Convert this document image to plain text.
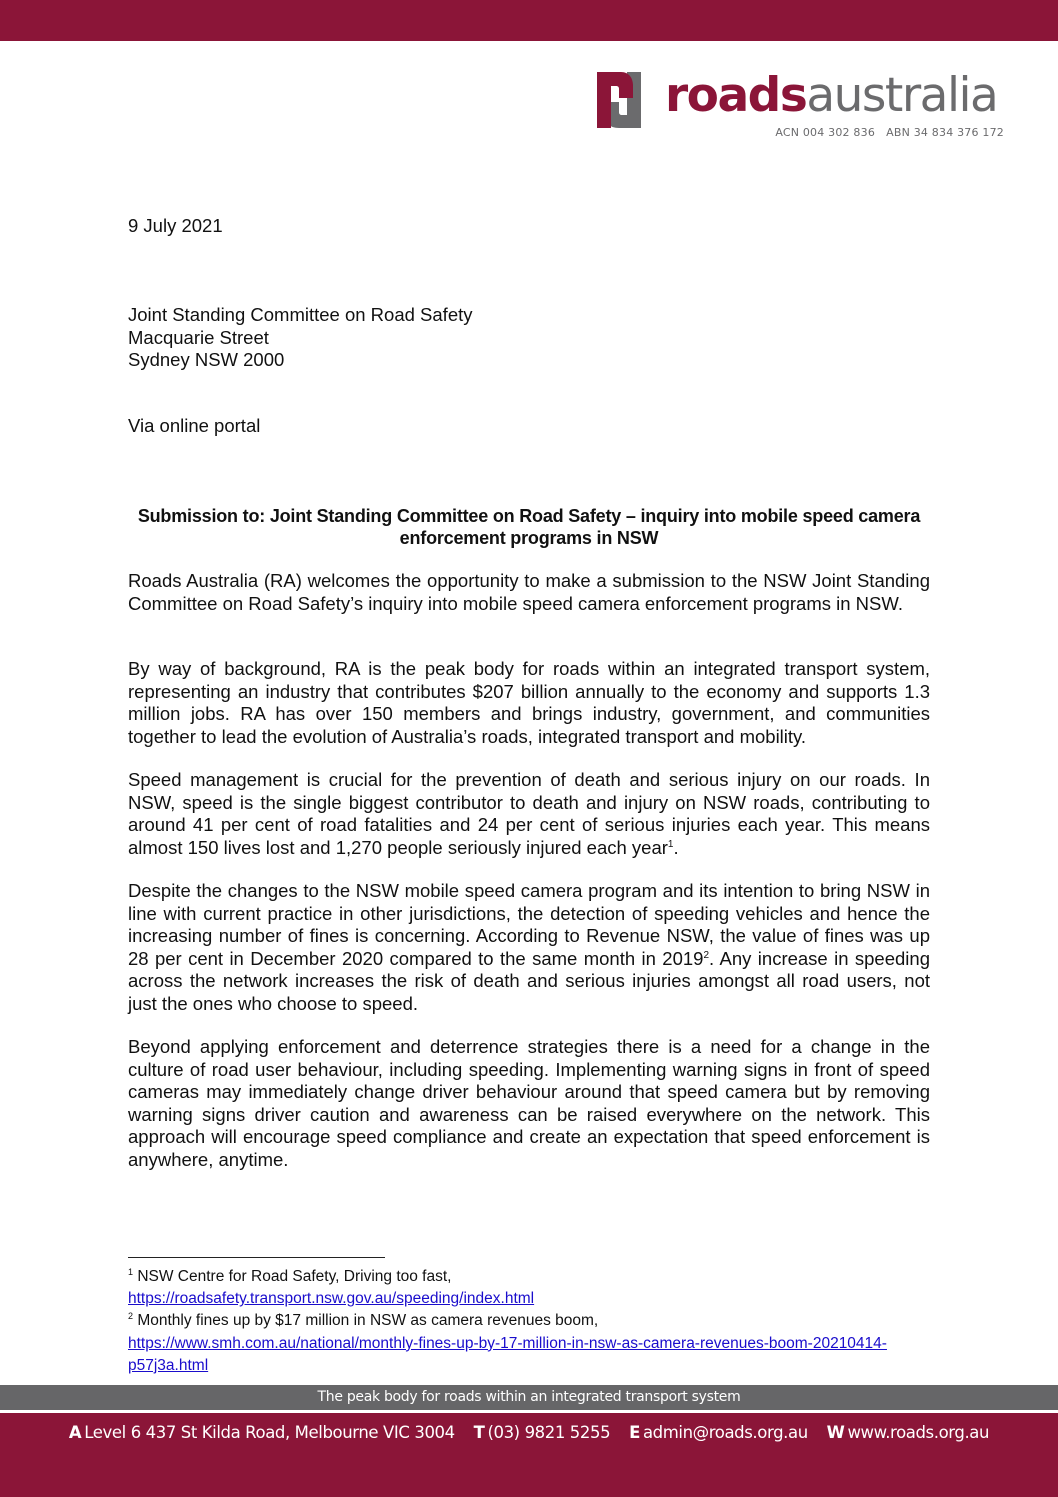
roadsaustralia
ACN 004 302 836   ABN 34 834 376 172
9 July 2021
Joint Standing Committee on Road Safety
Macquarie Street
Sydney NSW 2000
Via online portal
Submission to: Joint Standing Committee on Road Safety – inquiry into mobile speed camera enforcement programs in NSW

Roads Australia (RA) welcomes the opportunity to make a submission to the NSW Joint Standing Committee on Road Safety’s inquiry into mobile speed camera enforcement programs in NSW.

By way of background, RA is the peak body for roads within an integrated transport system, representing an industry that contributes $207 billion annually to the economy and supports 1.3 million jobs. RA has over 150 members and brings industry, government, and communities together to lead the evolution of Australia’s roads, integrated transport and mobility.

Speed management is crucial for the prevention of death and serious injury on our roads. In NSW, speed is the single biggest contributor to death and injury on NSW roads, contributing to around 41 per cent of road fatalities and 24 per cent of serious injuries each year. This means almost 150 lives lost and 1,270 people seriously injured each year$^1$.

Despite the changes to the NSW mobile speed camera program and its intention to bring NSW in line with current practice in other jurisdictions, the detection of speeding vehicles and hence the increasing number of fines is concerning. According to Revenue NSW, the value of fines was up 28 per cent in December 2020 compared to the same month in 2019$^2$. Any increase in speeding across the network increases the risk of death and serious injuries amongst all road users, not just the ones who choose to speed.

Beyond applying enforcement and deterrence strategies there is a need for a change in the culture of road user behaviour, including speeding. Implementing warning signs in front of speed cameras may immediately change driver behaviour around that speed camera but by removing warning signs driver caution and awareness can be raised everywhere on the network. This approach will encourage speed compliance and create an expectation that speed enforcement is anywhere, anytime.

$^1$ NSW Centre for Road Safety, Driving too fast,
https://roadsafety.transport.nsw.gov.au/speeding/index.html
$^2$ Monthly fines up by $17 million in NSW as camera revenues boom,
https://www.smh.com.au/national/monthly-fines-up-by-17-million-in-nsw-as-camera-revenues-boom-20210414-p57j3a.html
The peak body for roads within an integrated transport system
A Level 6 437 St Kilda Road, Melbourne VIC 3004 T (03) 9821 5255 E admin@roads.org.au W www.roads.org.au
